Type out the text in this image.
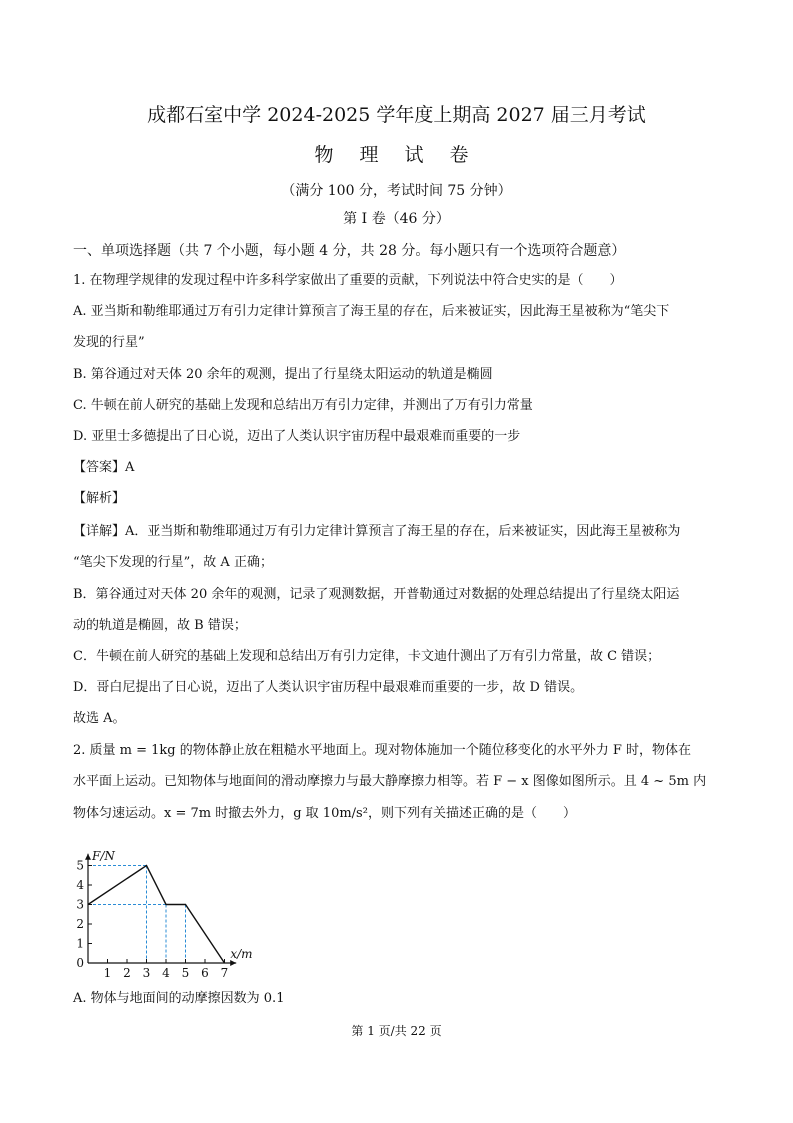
成都石室中学 2024-2025 学年度上期高 2027 届三月考试
物 理 试 卷
（满分 100 分，考试时间 75 分钟）
第 I 卷（46 分）
一、单项选择题（共 7 个小题，每小题 4 分，共 28 分。每小题只有一个选项符合题意）
1. 在物理学规律的发现过程中许多科学家做出了重要的贡献，下列说法中符合史实的是（　　）
A. 亚当斯和勒维耶通过万有引力定律计算预言了海王星的存在，后来被证实，因此海王星被称为“笔尖下
发现的行星”
B. 第谷通过对天体 20 余年的观测，提出了行星绕太阳运动的轨道是椭圆
C. 牛顿在前人研究的基础上发现和总结出万有引力定律，并测出了万有引力常量
D. 亚里士多德提出了日心说，迈出了人类认识宇宙历程中最艰难而重要的一步
【答案】A
【解析】
【详解】A．亚当斯和勒维耶通过万有引力定律计算预言了海王星的存在，后来被证实，因此海王星被称为
“笔尖下发现的行星”，故 A 正确；
B．第谷通过对天体 20 余年的观测，记录了观测数据，开普勒通过对数据的处理总结提出了行星绕太阳运
动的轨道是椭圆，故 B 错误；
C．牛顿在前人研究的基础上发现和总结出万有引力定律，卡文迪什测出了万有引力常量，故 C 错误；
D．哥白尼提出了日心说，迈出了人类认识宇宙历程中最艰难而重要的一步，故 D 错误。
故选 A。
2. 质量 m = 1kg 的物体静止放在粗糙水平地面上。现对物体施加一个随位移变化的水平外力 F 时，物体在
水平面上运动。已知物体与地面间的滑动摩擦力与最大静摩擦力相等。若 F − x 图像如图所示。且 4 ~ 5m 内
物体匀速运动。x = 7m 时撤去外力，g 取 10m/s²，则下列有关描述正确的是（　　）
0
1
2
3
4
5
1 2 3 4 5 6 7
F/N
x/m
A. 物体与地面间的动摩擦因数为 0.1
第 1 页/共 22 页
